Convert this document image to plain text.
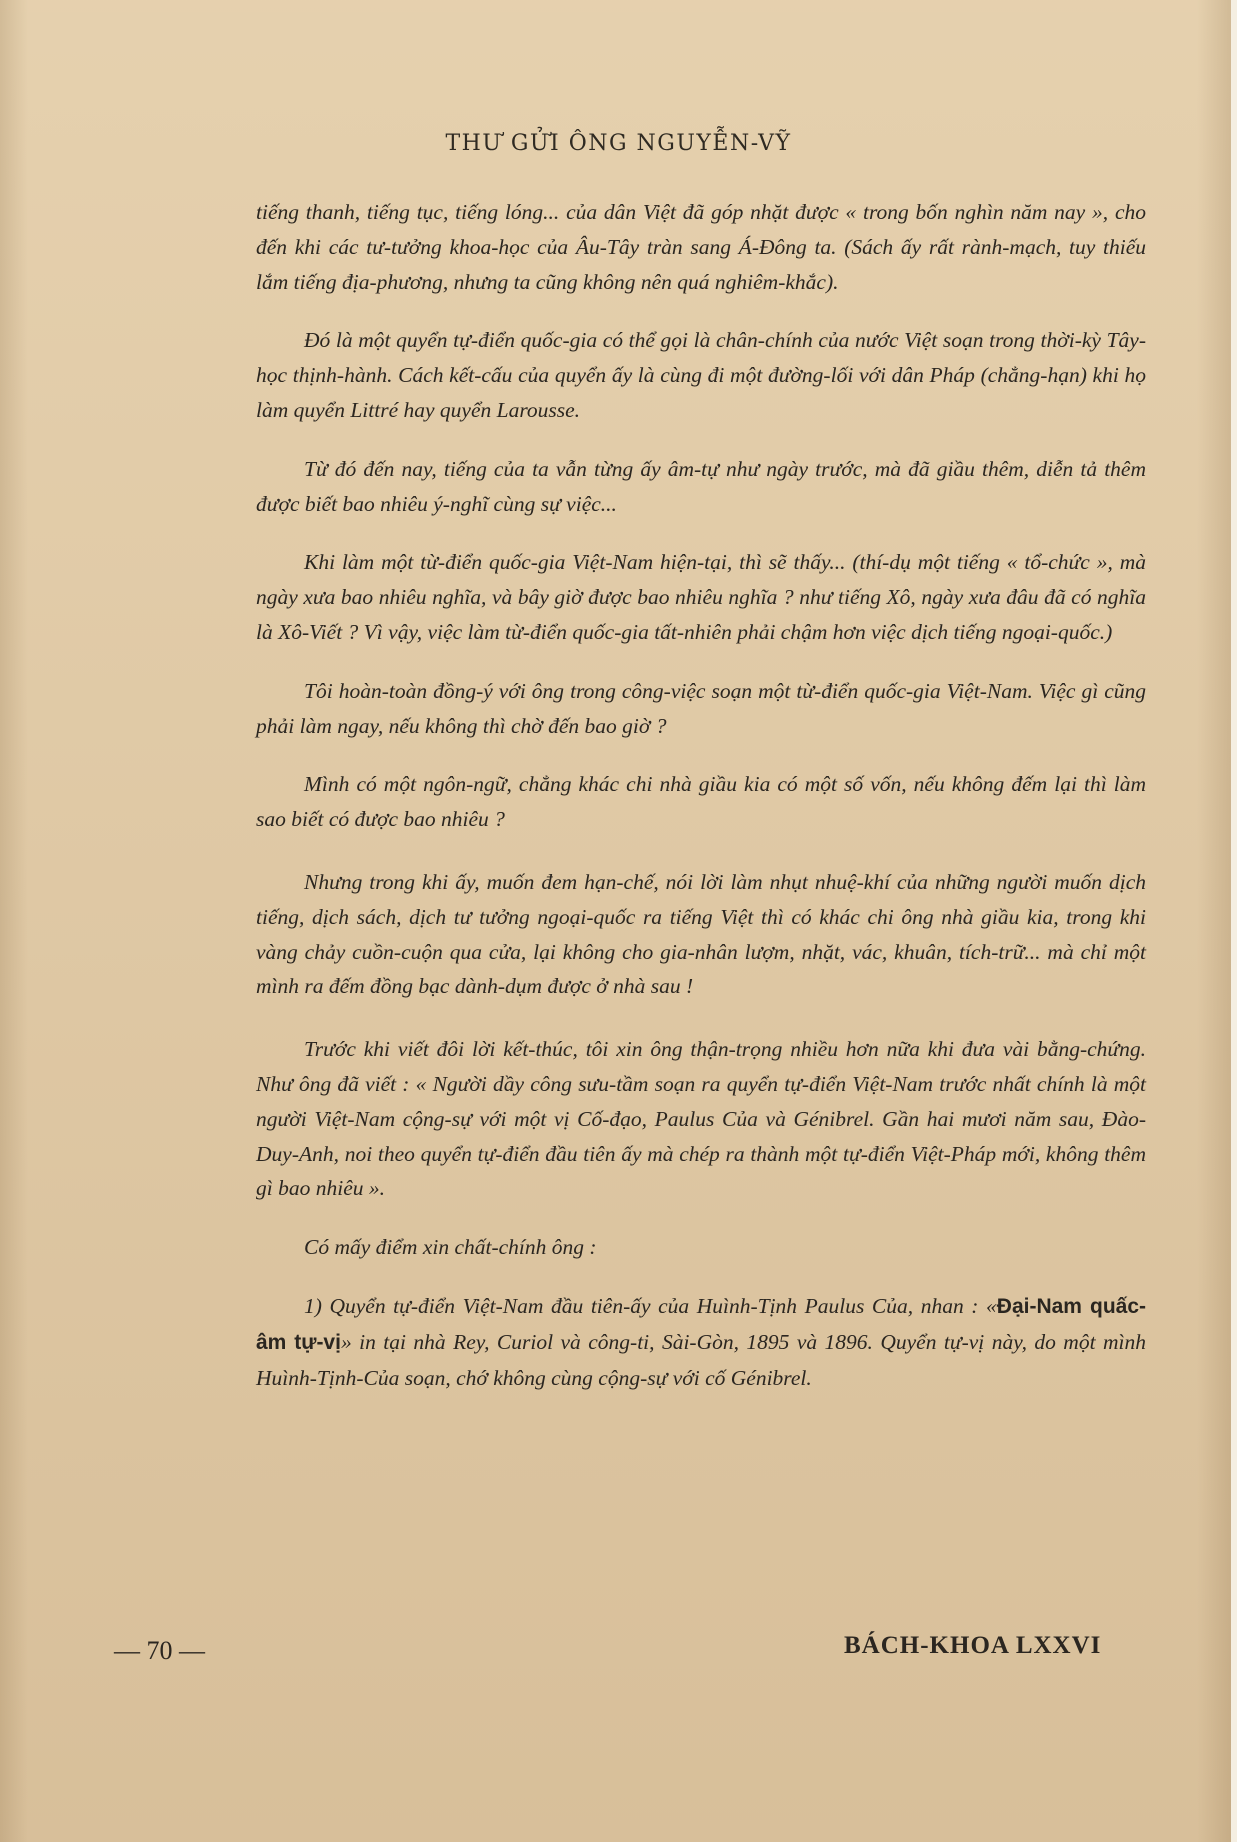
THƯ GỬI ÔNG NGUYỄN-VỸ

tiếng thanh, tiếng tục, tiếng lóng... của dân Việt đã góp nhặt được « trong bốn nghìn năm nay », cho đến khi các tư-tưởng khoa-học của Âu-Tây tràn sang Á-Đông ta. (Sách ấy rất rành-mạch, tuy thiếu lắm tiếng địa-phương, nhưng ta cũng không nên quá nghiêm-khắc).

Đó là một quyển tự-điển quốc-gia có thể gọi là chân-chính của nước Việt soạn trong thời-kỳ Tây-học thịnh-hành. Cách kết-cấu của quyển ấy là cùng đi một đường-lối với dân Pháp (chẳng-hạn) khi họ làm quyển Littré hay quyển Larousse.

Từ đó đến nay, tiếng của ta vẫn từng ấy âm-tự như ngày trước, mà đã giầu thêm, diễn tả thêm được biết bao nhiêu ý-nghĩ cùng sự việc...

Khi làm một từ-điển quốc-gia Việt-Nam hiện-tại, thì sẽ thấy... (thí-dụ một tiếng « tổ-chức », mà ngày xưa bao nhiêu nghĩa, và bây giờ được bao nhiêu nghĩa ? như tiếng Xô, ngày xưa đâu đã có nghĩa là Xô-Viết ? Vì vậy, việc làm từ-điển quốc-gia tất-nhiên phải chậm hơn việc dịch tiếng ngoại-quốc.)

Tôi hoàn-toàn đồng-ý với ông trong công-việc soạn một từ-điển quốc-gia Việt-Nam. Việc gì cũng phải làm ngay, nếu không thì chờ đến bao giờ ?

Mình có một ngôn-ngữ, chẳng khác chi nhà giầu kia có một số vốn, nếu không đếm lại thì làm sao biết có được bao nhiêu ?

Nhưng trong khi ấy, muốn đem hạn-chế, nói lời làm nhụt nhuệ-khí của những người muốn dịch tiếng, dịch sách, dịch tư tưởng ngoại-quốc ra tiếng Việt thì có khác chi ông nhà giầu kia, trong khi vàng chảy cuồn-cuộn qua cửa, lại không cho gia-nhân lượm, nhặt, vác, khuân, tích-trữ... mà chỉ một mình ra đếm đồng bạc dành-dụm được ở nhà sau !

Trước khi viết đôi lời kết-thúc, tôi xin ông thận-trọng nhiều hơn nữa khi đưa vài bằng-chứng. Như ông đã viết : « Người dầy công sưu-tầm soạn ra quyển tự-điển Việt-Nam trước nhất chính là một người Việt-Nam cộng-sự với một vị Cố-đạo, Paulus Của và Génibrel. Gần hai mươi năm sau, Đào-Duy-Anh, noi theo quyển tự-điển đầu tiên ấy mà chép ra thành một tự-điển Việt-Pháp mới, không thêm gì bao nhiêu ».

Có mấy điểm xin chất-chính ông :

1) Quyển tự-điển Việt-Nam đầu tiên-ấy của Huình-Tịnh Paulus Của, nhan : «Đại-Nam quấc-âm tự-vị» in tại nhà Rey, Curiol và công-ti, Sài-Gòn, 1895 và 1896. Quyển tự-vị này, do một mình Huình-Tịnh-Của soạn, chớ không cùng cộng-sự với cố Génibrel.

— 70 —	BÁCH-KHOA LXXVI
